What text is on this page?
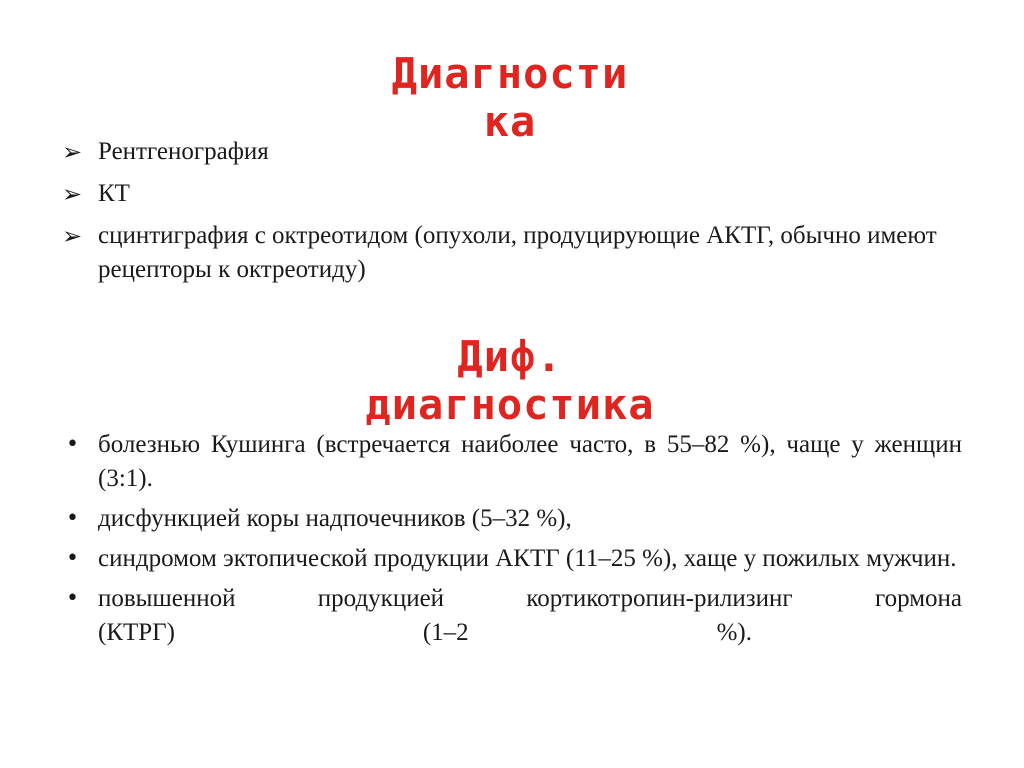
Диагности
ка
➢ Рентгенография
➢ КТ
➢ сцинтиграфия с октреотидом (опухоли, продуцирующие АКТГ, обычно имеют рецепторы к октреотиду)
Диф.
диагностика
• болезнью Кушинга (встречается наиболее часто, в 55–82 %), чаще у женщин (3:1).
• дисфункцией коры надпочечников (5–32 %),
• синдромом эктопической продукции АКТГ (11–25 %), хаще у пожилых мужчин.
• повышенной продукцией кортикотропин-рилизинг гормона
(КТРГ)	(1–2	%).
